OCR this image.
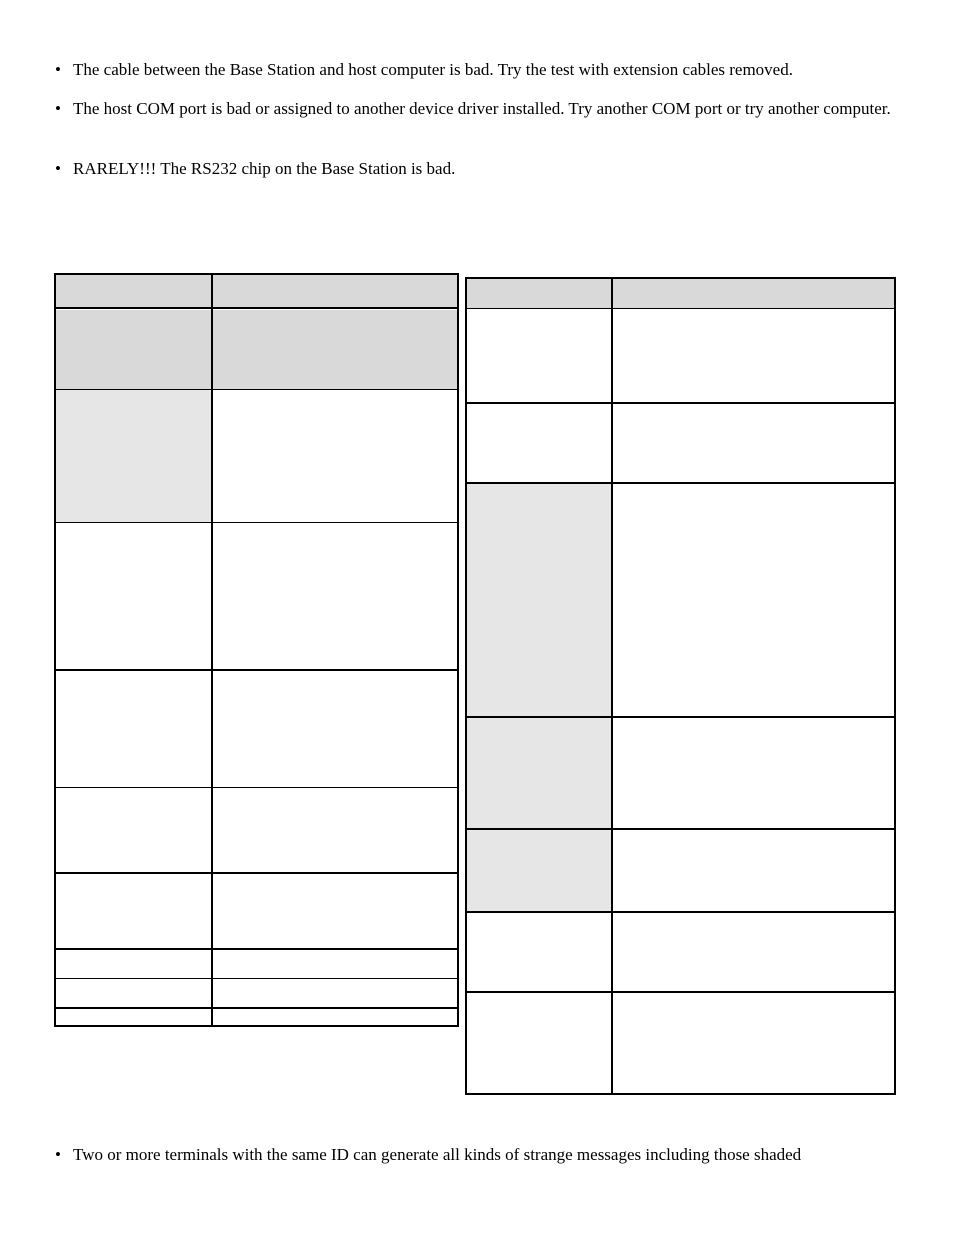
• The cable between the Base Station and host computer is bad. Try the test with extension cables removed.
• The host COM port is bad or assigned to another device driver installed. Try another COM port or try another computer.
• RARELY!!! The RS232 chip on the Base Station is bad.
• Two or more terminals with the same ID can generate all kinds of strange messages including those shaded
